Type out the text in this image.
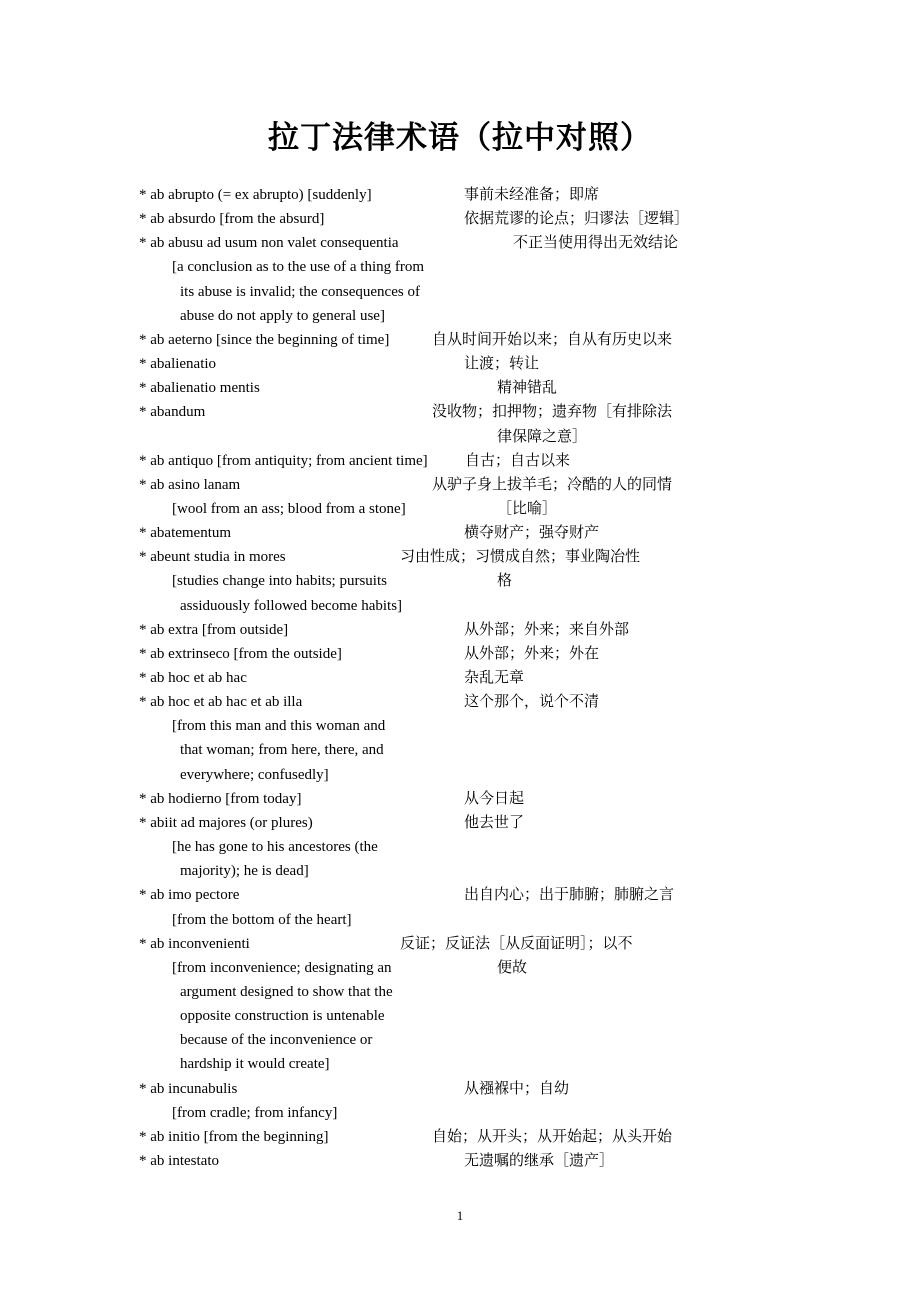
拉丁法律术语（拉中对照）
* ab abrupto (= ex abrupto) [suddenly]	事前未经准备；即席
* ab absurdo [from the absurd]	依据荒谬的论点；归谬法［逻辑］
* ab abusu ad usum non valet consequentia	不正当使用得出无效结论
[a conclusion as to the use of a thing from
its abuse is invalid; the consequences of
abuse do not apply to general use]
* ab aeterno [since the beginning of time]	自从时间开始以来；自从有历史以来
* abalienatio	让渡；转让
* abalienatio mentis	精神错乱
* abandum	没收物；扣押物；遗弃物［有排除法
律保障之意］
* ab antiquo [from antiquity; from ancient time] 自古；自古以来
* ab asino lanam	从驴子身上拔羊毛；冷酷的人的同情
[wool from an ass; blood from a stone]	［比喻］
* abatementum	横夺财产；强夺财产
* abeunt studia in mores	习由性成；习惯成自然；事业陶冶性
[studies change into habits; pursuits	格
assiduously followed become habits]
* ab extra [from outside]	从外部；外来；来自外部
* ab extrinseco [from the outside]	从外部；外来；外在
* ab hoc et ab hac	杂乱无章
* ab hoc et ab hac et ab illa	这个那个，说个不清
[from this man and this woman and
that woman; from here, there, and
everywhere; confusedly]
* ab hodierno [from today]	从今日起
* abiit ad majores (or plures)	他去世了
[he has gone to his ancestores (the
majority); he is dead]
* ab imo pectore	出自内心；出于肺腑；肺腑之言
[from the bottom of the heart]
* ab inconvenienti	反证；反证法［从反面证明］；以不
[from inconvenience; designating an	便故
argument designed to show that the
opposite construction is untenable
because of the inconvenience or
hardship it would create]
* ab incunabulis	从襁褓中；自幼
[from cradle; from infancy]
* ab initio [from the beginning]	自始；从开头；从开始起；从头开始
* ab intestato	无遗嘱的继承［遗产］
1
